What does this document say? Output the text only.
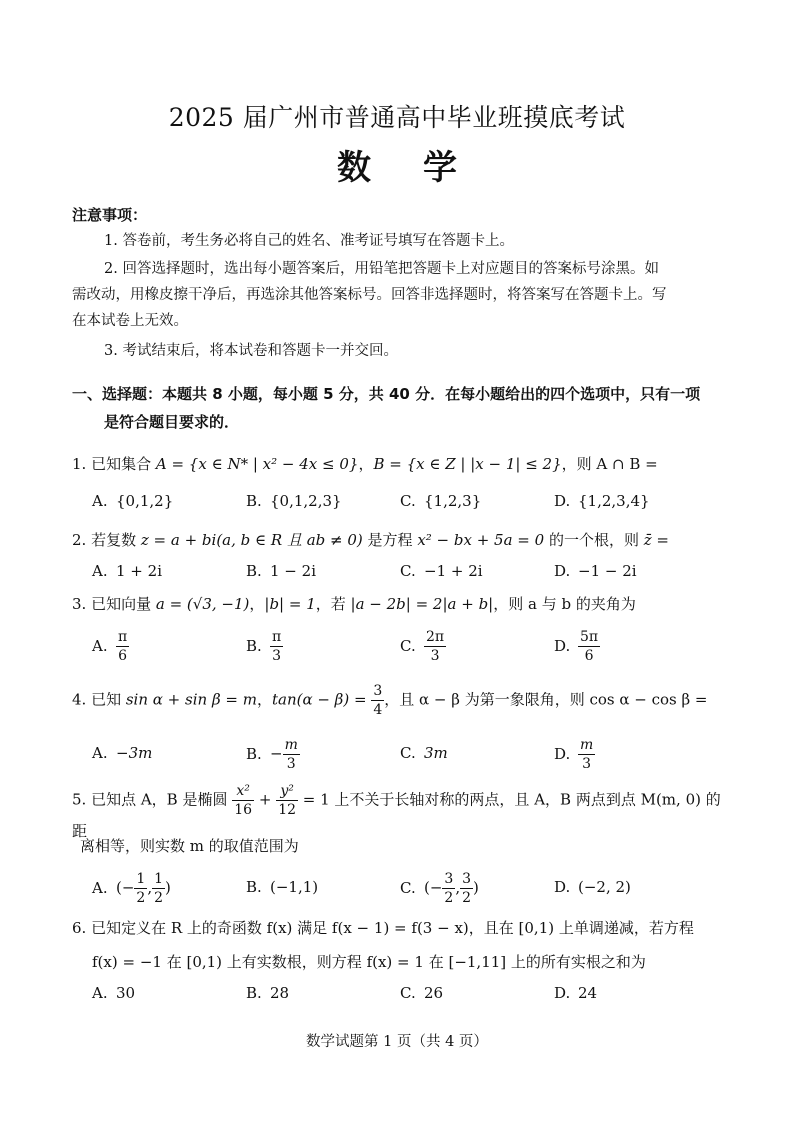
2025 届广州市普通高中毕业班摸底考试
数学
注意事项：
1. 答卷前，考生务必将自己的姓名、准考证号填写在答题卡上。
2. 回答选择题时，选出每小题答案后，用铅笔把答题卡上对应题目的答案标号涂黑。如
需改动，用橡皮擦干净后，再选涂其他答案标号。回答非选择题时，将答案写在答题卡上。写
在本试卷上无效。
3. 考试结束后，将本试卷和答题卡一并交回。
一、选择题：本题共 8 小题，每小题 5 分，共 40 分．在每小题给出的四个选项中，只有一项
是符合题目要求的．
1. 已知集合 A = {x ∈ N* | x² − 4x ≤ 0}，B = {x ∈ Z | |x − 1| ≤ 2}，则 A ∩ B =
A. {0,1,2}	B. {0,1,2,3}	C. {1,2,3}	D. {1,2,3,4}
2. 若复数 z = a + bi(a, b ∈ R 且 ab ≠ 0) 是方程 x² − bx + 5a = 0 的一个根，则 z̄ =
A. 1 + 2i	B. 1 − 2i	C. −1 + 2i	D. −1 − 2i
3. 已知向量 a = (√3, −1)，|b| = 1，若 |a − 2b| = 2|a + b|，则 a 与 b 的夹角为
A. $\frac{\pi}{6}$	B. $\frac{\pi}{3}$	C. $\frac{2\pi}{3}$	D. $\frac{5\pi}{6}$
4. 已知 sin α + sin β = m，$\tan(\alpha - \beta) = \frac{3}{4}$ ，且 α − β 为第一象限角，则 cos α − cos β =
A. −3m	B. − $\frac{m}{3}$	C. 3m	D. $\frac{m}{3}$
5. 已知点 A，B 是椭圆 $\frac{\text{x²}}{16} + \frac{\text{y²}}{12} = 1$ 上不关于长轴对称的两点，且 A，B 两点到点 M(m, 0) 的距
离相等，则实数 m 的取值范围为
A. (− $\frac{1}{2}$ , $\frac{1}{2}$ )	B. (−1,1)	C. (− $\frac{3}{2}$ , $\frac{3}{2}$ )	D. (−2, 2)
6. 已知定义在 R 上的奇函数 f(x) 满足 f(x − 1) = f(3 − x)，且在 [0,1) 上单调递减，若方程
f(x) = −1 在 [0,1) 上有实数根，则方程 f(x) = 1 在 [−1,11] 上的所有实根之和为
A. 30	B. 28	C. 26	D. 24
数学试题第 1 页（共 4 页）
